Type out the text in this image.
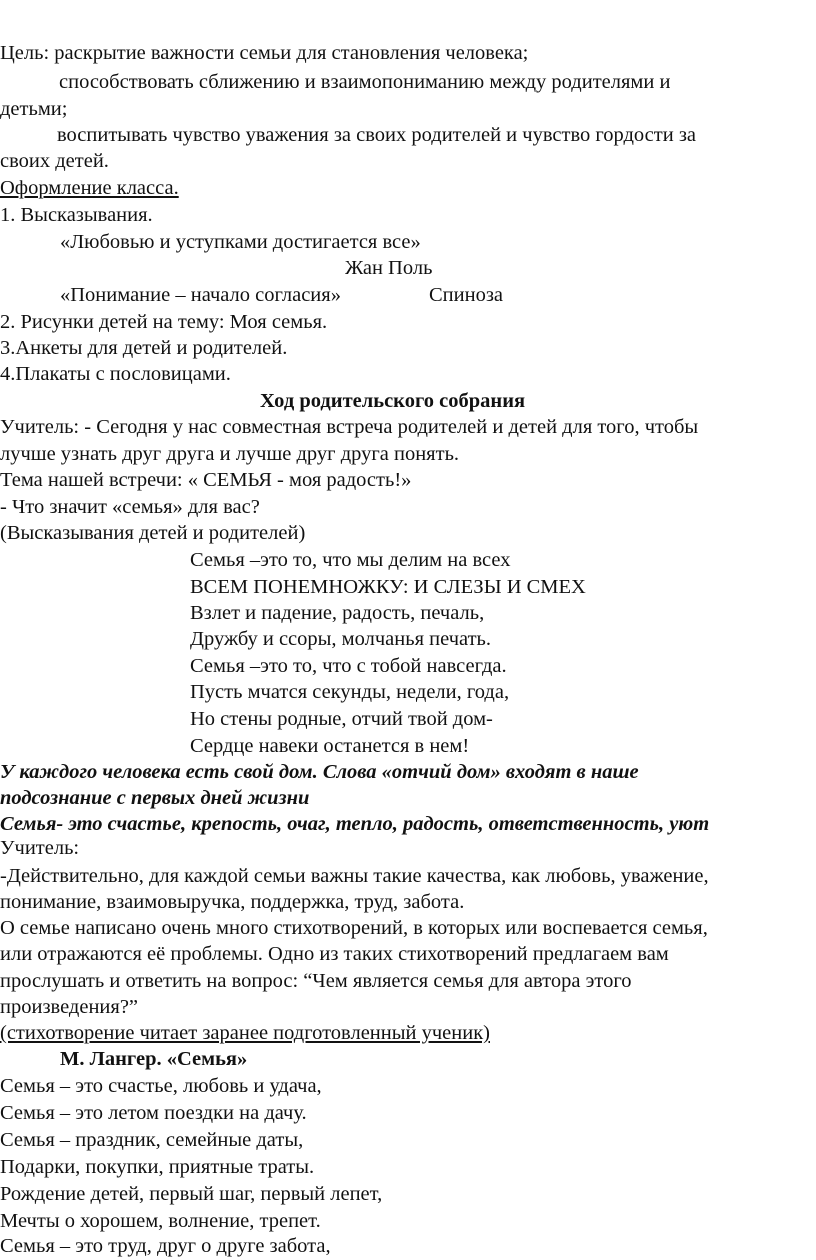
Цель: раскрытие важности семьи для становления человека;
способствовать сближению и взаимопониманию между родителями и
детьми;
воспитывать чувство уважения за своих родителей и чувство гордости за
своих детей.
Оформление класса.
1. Высказывания.
«Любовью и уступками достигается все»
Жан Поль
«Понимание – начало согласия»	Спиноза
2. Рисунки детей на тему: Моя семья.
3.Анкеты для детей и родителей.
4.Плакаты с пословицами.
Ход родительского собрания
Учитель: - Сегодня у нас совместная встреча родителей и детей для того, чтобы
лучше узнать друг друга и лучше друг друга понять.
Тема нашей встречи: « СЕМЬЯ - моя радость!»
- Что значит «семья» для вас?
(Высказывания детей и родителей)
Семья –это то, что мы делим на всех
ВСЕМ ПОНЕМНОЖКУ: И СЛЕЗЫ И СМЕХ
Взлет и падение, радость, печаль,
Дружбу и ссоры, молчанья печать.
Семья –это то, что с тобой навсегда.
Пусть мчатся секунды, недели, года,
Но стены родные, отчий твой дом-
Сердце навеки останется в нем!
У каждого человека есть свой дом. Слова «отчий дом» входят в наше
подсознание с первых дней жизни
Семья- это счастье, крепость, очаг, тепло, радость, ответственность, уют
Учитель:
-Действительно, для каждой семьи важны такие качества, как любовь, уважение,
понимание, взаимовыручка, поддержка, труд, забота.
О семье написано очень много стихотворений, в которых или воспевается семья,
или отражаются её проблемы. Одно из таких стихотворений предлагаем вам
прослушать и ответить на вопрос: “Чем является семья для автора этого
произведения?”
(стихотворение читает заранее подготовленный ученик)
М. Лангер. «Семья»
Семья – это счастье, любовь и удача,
Семья – это летом поездки на дачу.
Семья – праздник, семейные даты,
Подарки, покупки, приятные траты.
Рождение детей, первый шаг, первый лепет,
Мечты о хорошем, волнение, трепет.
Семья – это труд, друг о друге забота,
